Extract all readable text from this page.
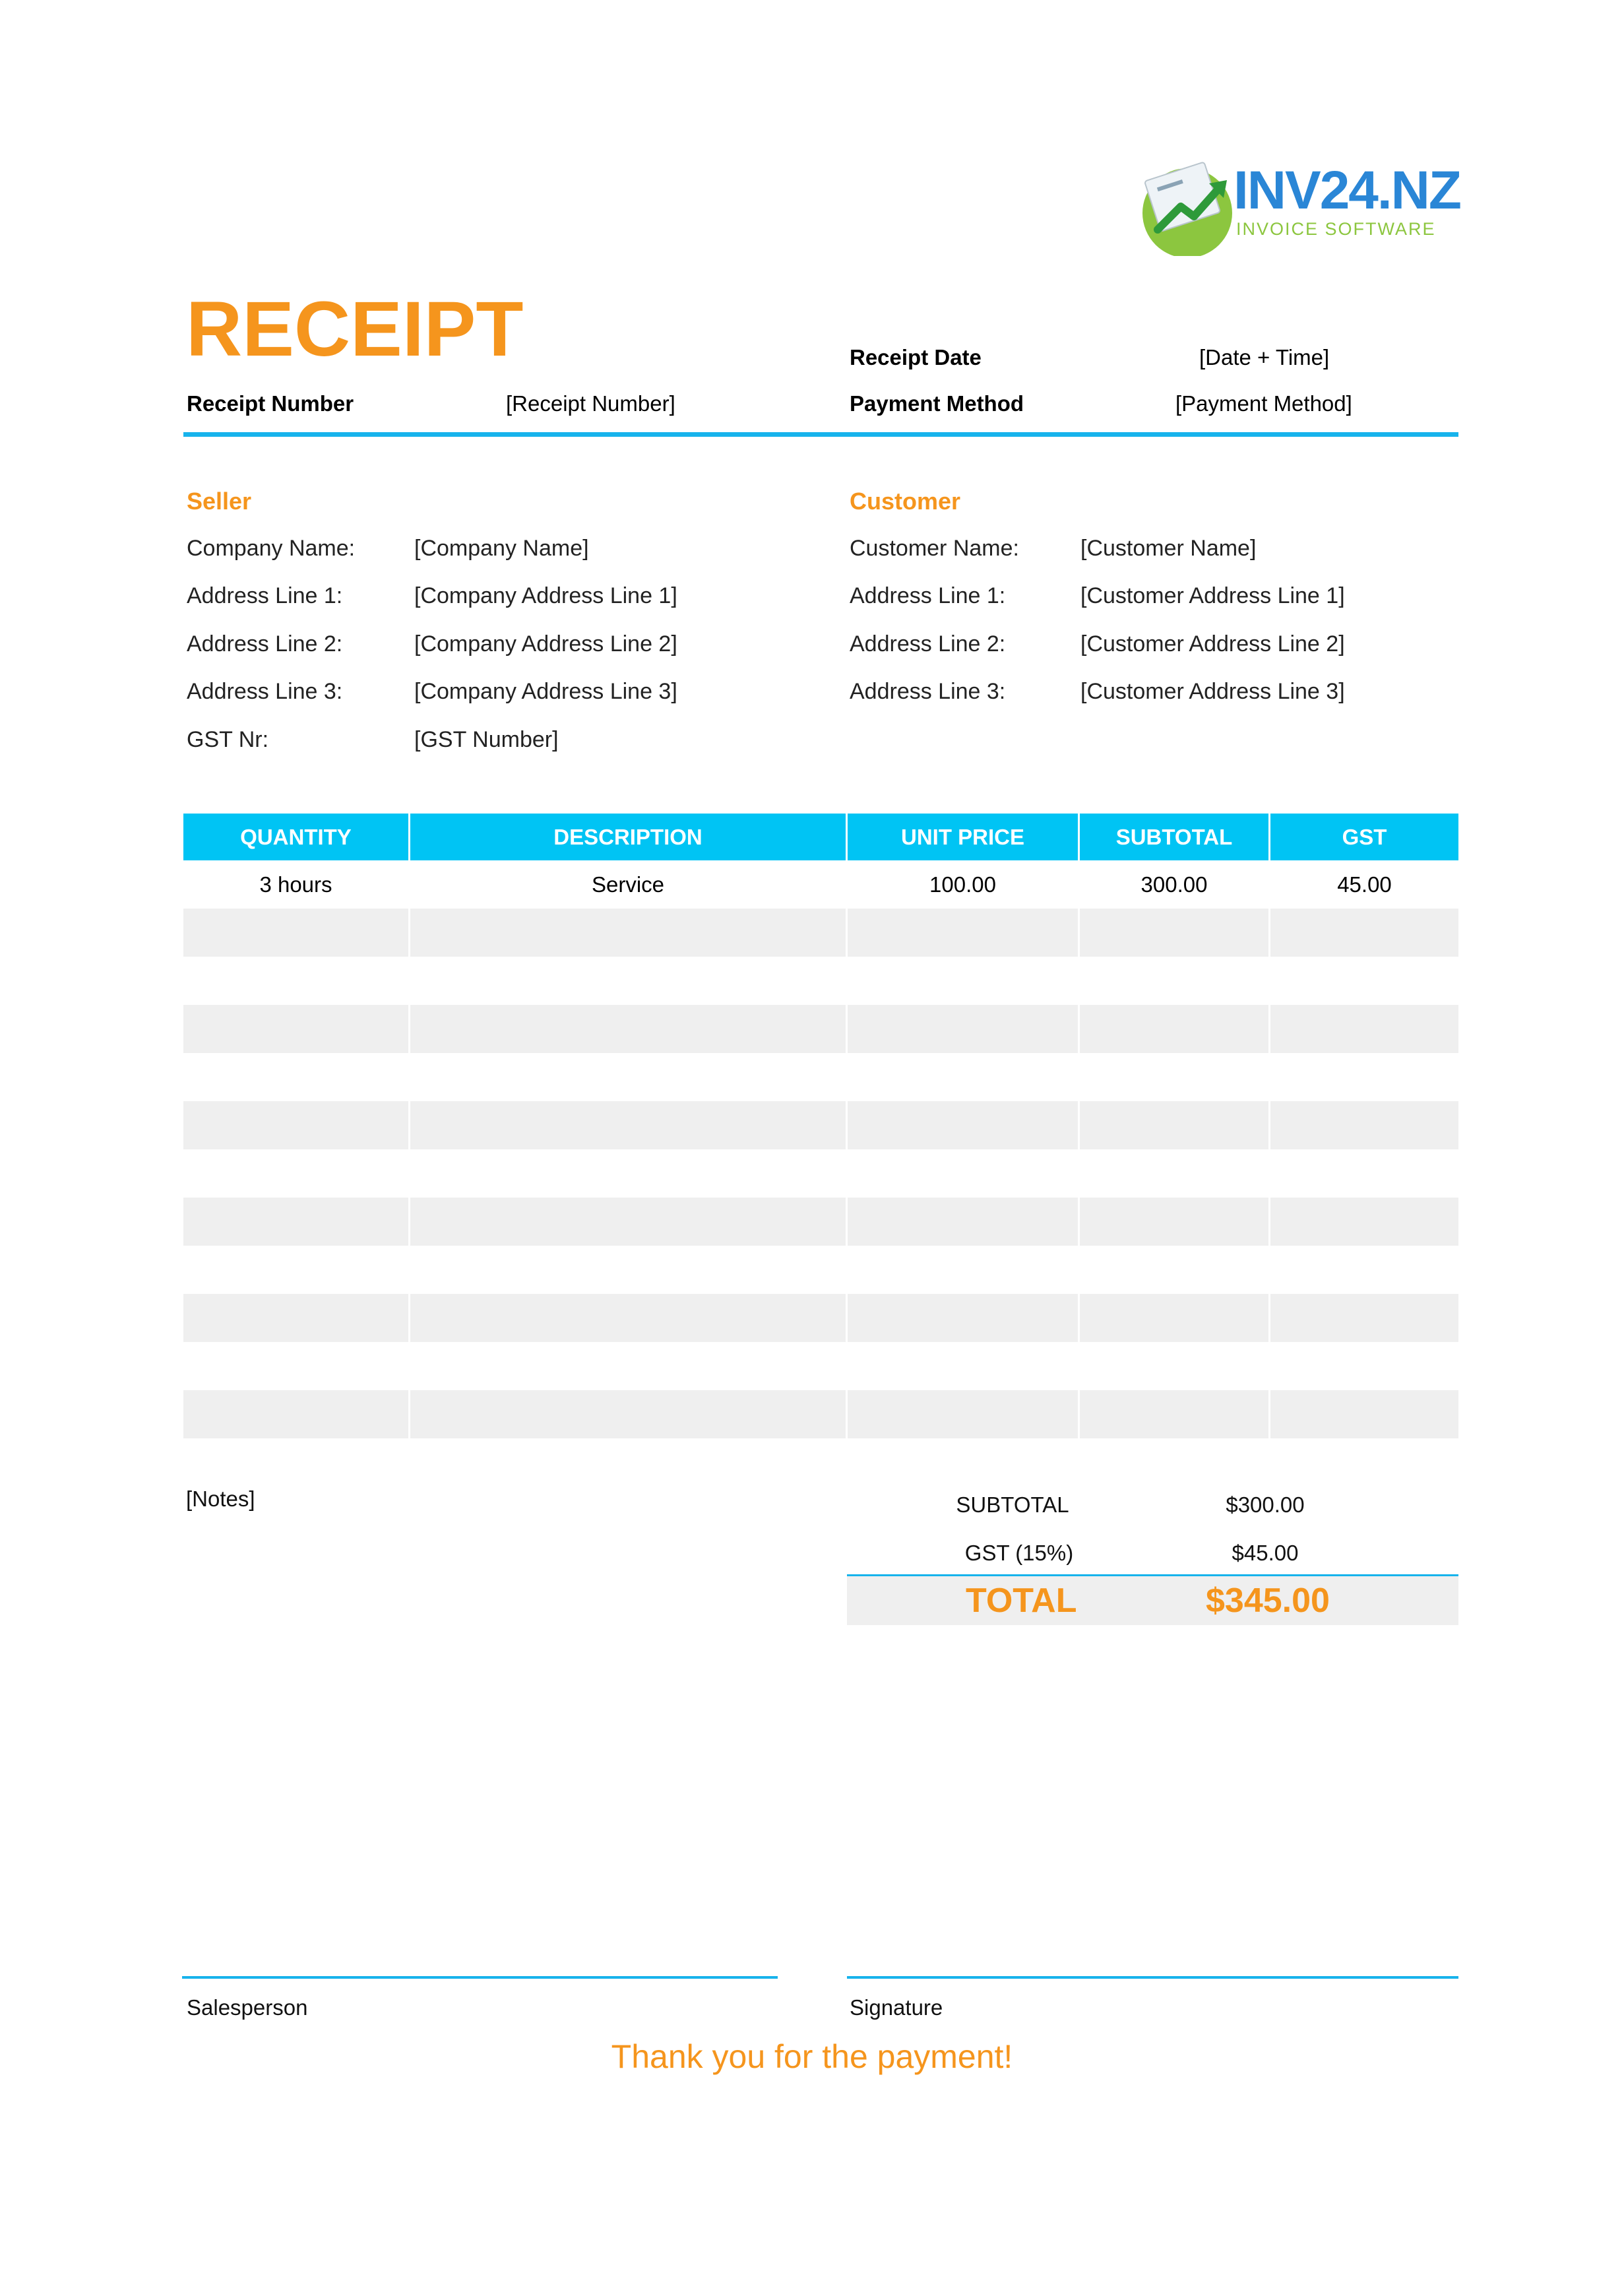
INV24.NZ
INVOICE SOFTWARE
RECEIPT	Receipt Date	[Date + Time]
Receipt Number	[Receipt Number]	Payment Method	[Payment Method]
Seller
Company Name:	[Company Name]
Address Line 1:	[Company Address Line 1]
Address Line 2:	[Company Address Line 2]
Address Line 3:	[Company Address Line 3]
GST Nr:	[GST Number]
Customer
Customer Name:	[Customer Name]
Address Line 1:	[Customer Address Line 1]
Address Line 2:	[Customer Address Line 2]
Address Line 3:	[Customer Address Line 3]
QUANTITY	DESCRIPTION	UNIT PRICE	SUBTOTAL	GST
3 hours	Service	100.00	300.00	45.00
[Notes]	SUBTOTAL	$300.00
GST (15%)	$45.00
TOTAL	$345.00
Salesperson	Signature
Thank you for the payment!
